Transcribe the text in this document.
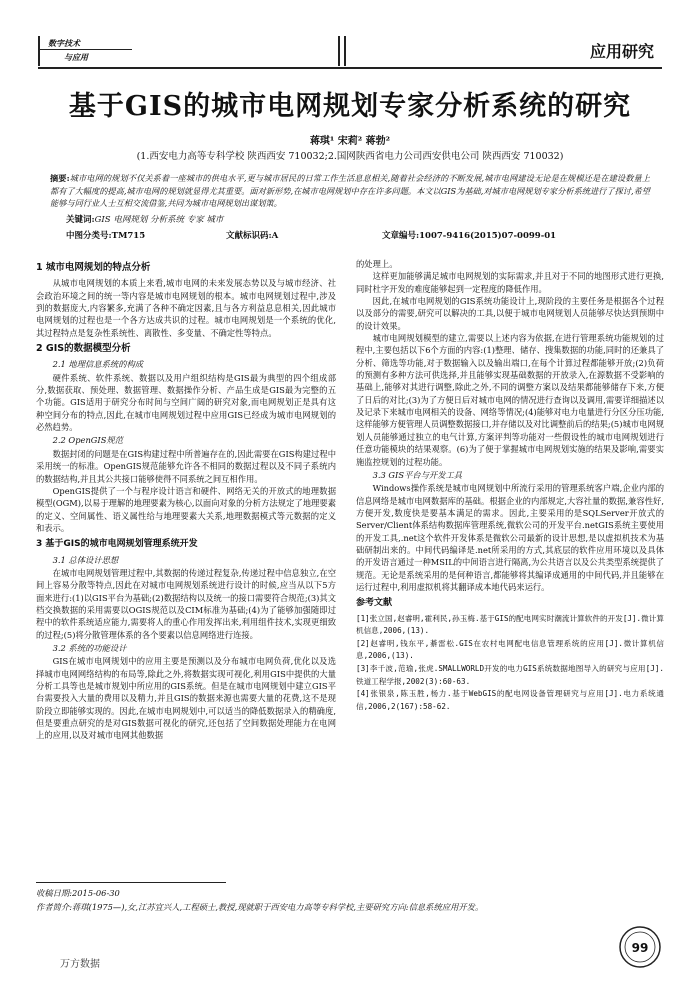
数字技术
与应用	应用研究
基于GIS的城市电网规划专家分析系统的研究
蒋琪¹ 宋莉² 蒋勃²
(1.西安电力高等专科学校 陕西西安 710032;2.国网陕西省电力公司西安供电公司 陕西西安 710032)
摘要:城市电网的规划不仅关系着一座城市的供电水平,更与城市居民的日常工作生活息息相关,随着社会经济的不断发展,城市电网建设无论是在规模还是在建设数量上都有了大幅度的提高,城市电网的规划就显得尤其重要。面对新形势,在城市电网规划中存在许多问题。本文以GIS为基础,对城市电网规划专家分析系统进行了探讨,希望能够与同行业人士互相交流借鉴,共同为城市电网规划出谋划策。
关键词:GIS 电网规划 分析系统 专家 城市
中图分类号:TM715	文献标识码:A	文章编号:1007-9416(2015)07-0099-01
1 城市电网规划的特点分析

从城市电网规划的本质上来看,城市电网的未来发展态势以及与城市经济、社会政治环境之间的统一等内容是城市电网规划的根本。城市电网规划过程中,涉及到的数据庞大,内容繁多,充满了各种不确定因素,且与各方利益息息相关,因此城市电网规划的过程也是一个各方达成共识的过程。城市电网规划是一个系统的优化,其过程特点是复杂性系统性、离散性、多变量、不确定性等特点。

2 GIS的数据模型分析
2.1 地理信息系统的构成

硬件系统、软件系统、数据以及用户组织结构是GIS最为典型的四个组成部分,数据获取、预处理、数据管理、数据操作分析、产品生成是GIS最为完整的五个功能。GIS适用于研究分布时间与空间广阔的研究对象,而电网规划正是具有这种空间分布的特点,因此,在城市电网规划过程中应用GIS已经成为城市电网规划的必然趋势。

2.2 OpenGIS规范

数据封闭的问题是在GIS构建过程中所普遍存在的,因此需要在GIS构建过程中采用统一的标准。OpenGIS规范能够允许各不相同的数据过程以及不同子系统内的数据结构,并且其公共接口能够使得不同系统之间互相作用。

OpenGIS提供了一个与程序设计语言和硬件、网络无关的开放式的地理数据模型(OGM),以易于理解的地理要素为核心,以面向对象的分析方法规定了地理要素的定义、空间属性、语义属性给与地理要素大关系,地理数据模式等元数据的定义和表示。

3 基于GIS的城市电网规划管理系统开发
3.1 总体设计思想

在城市电网规划管理过程中,其数据的传递过程复杂,传递过程中信息独立,在空间上容易分散等特点,因此在对城市电网规划系统进行设计的时候,应当从以下5方面来进行:(1)以GIS平台为基础;(2)数据结构以及统一的接口需要符合规范;(3)其文档交换数据的采用需要以OGIS规范以及CIM标准为基础;(4)为了能够加强随即过程中的软件系统适应能力,需要将人的重心作用发挥出来,利用组件技术,实现更细致的过程;(5)将分散管理体系的各个要素以信息网络进行连接。

3.2 系统的功能设计

GIS在城市电网规划中的应用主要是预测以及分布城市电网负荷,优化以及选择城市电网网络结构的布局等,除此之外,将数据实现可视化,利用GIS中提供的大量分析工具等也是城市规划中所应用的GIS系统。但是在城市电网规划中建立GIS平台需要投入大量的费用以及精力,并且GIS的数据来源也需要大量的花费,这不是现阶段立即能够实现的。因此,在城市电网规划中,可以适当的降低数据录入的精确度,但是要重点研究的是对GIS数据可视化的研究,还包括了空间数据处理能力在电网上的应用,以及对城市电网其他数据

的处理上。

这样更加能够满足城市电网规划的实际需求,并且对于不同的地图形式进行更换,同时杜字开发的难度能够起到一定程度的降低作用。

因此,在城市电网规划的GIS系统功能设计上,现阶段的主要任务是根据各个过程以及部分的需要,研究可以解决的工具,以便于城市电网规划人员能够尽快达到预期中的设计效果。

城市电网规划模型的建立,需要以上述内容为依据,在进行管理系统功能规划的过程中,主要包括以下6个方面的内容:(1)整理、储存、搜集数据的功能,同时的还兼具了分析、筛选等功能,对于数据输入以及输出端口,在每个计算过程都能够开放;(2)负荷的预测有多种方法可供选择,并且能够实现基础数据的开放录入,在源数据不受影响的基础上,能够对其进行调整,除此之外,不同的调整方案以及结果都能够储存下来,方便了日后的对比;(3)为了方便日后对城市电网的情况进行查询以及调用,需要详细描述以及记录下来城市电网相关的设备、网络等情况;(4)能够对电力电量进行分区分压功能,这样能够方便管理人员调整数据接口,并存储以及对比调整前后的结果;(5)城市电网规划人员能够通过独立的电气计算,方案评判等功能对一些假设性的城市电网规划进行任意功能模块的结果观察。(6)为了便于掌握城市电网规划实施的结果及影响,需要实施监控规划的过程功能。

3.3 GIS平台与开发工具

Windows操作系统是城市电网规划中所流行采用的管理系统客户端,企业内部的信息网络是城市电网数据库的基础。根据企业的内部规定,大容社量的数据,兼容性好,方便开发,数度快是要基本满足的需求。因此,主要采用的是SQLServer开放式的Server/Client体系结构数据库管理系统,微软公司的开发平台.netGIS系统主要使用的开发工具,.net这个软件开发体系是微软公司最新的设计思想,是以虚拟机技术为基础研制出来的。中间代码编译是.net所采用的方式,其底层的软件应用环境以及具体的开发语言通过一种MSIL的中间语言进行隔离,为公共语言以及公共类型系统提供了规范。无论是系统采用的是何种语言,都能够将其编译成通用的中间代码,并且能够在运行过程中,利用虚拟机将其翻译成本地代码来运行。

参考文献

[1]张立国,赵睿明,霍利民,孙玉梅.基于GIS的配电网实时潮流计算软件的开发[J].微计算机信息,2006,(13).

[2]赵睿明,钱东平,綦雷松.GIS在农村电网配电信息管理系统的应用[J].微计算机信息,2006,(13).

[3]李千波,范瑜,张虎.SMALLWORLD开发的电力GIS系统数据地图导入的研究与应用[J].铁道工程学报,2002(3):60-63.

[4]张银泉,陈玉胜,杨力.基于WebGIS的配电网设备管理研究与应用[J].电力系统通信,2006,2(167):58-62.

收稿日期:2015-06-30
作者简介:蒋琪(1975—),女,江苏宜兴人,工程硕士,教授,现就职于西安电力高等专科学校,主要研究方向:信息系统应用开发。
99
万方数据
